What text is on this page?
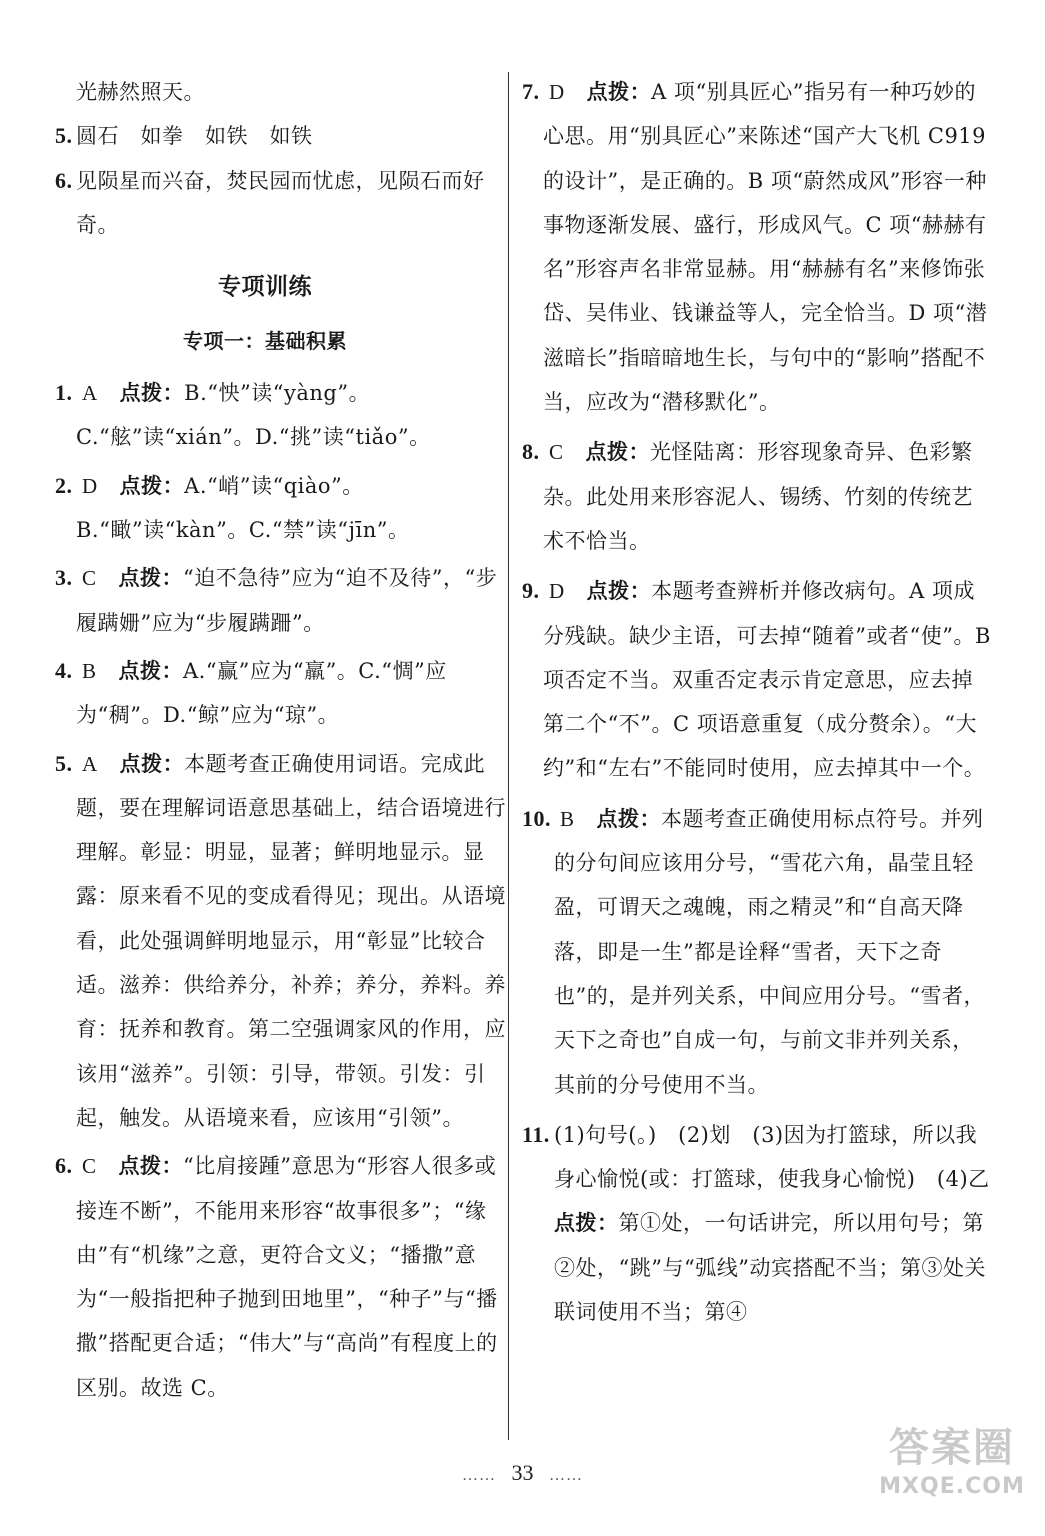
光赫然照天。
5. 圆石　如拳　如铁　如铁
6. 见陨星而兴奋，焚民园而忧虑，见陨石而好奇。
专项训练
专项一：基础积累
1. A 点拨：B.“怏”读“yàng”。C.“舷”读“xián”。D.“挑”读“tiǎo”。
2. D 点拨：A.“峭”读“qiào”。B.“瞰”读“kàn”。C.“禁”读“jīn”。
3. C 点拨：“迫不急待”应为“迫不及待”，“步履蹒姗”应为“步履蹒跚”。
4. B 点拨：A.“赢”应为“羸”。C.“惆”应为“稠”。D.“鲸”应为“琼”。
5. A 点拨：本题考查正确使用词语。完成此题，要在理解词语意思基础上，结合语境进行理解。彰显：明显，显著；鲜明地显示。显露：原来看不见的变成看得见；现出。从语境看，此处强调鲜明地显示，用“彰显”比较合适。滋养：供给养分，补养；养分，养料。养育：抚养和教育。第二空强调家风的作用，应该用“滋养”。引领：引导，带领。引发：引起，触发。从语境来看，应该用“引领”。
6. C 点拨：“比肩接踵”意思为“形容人很多或接连不断”，不能用来形容“故事很多”；“缘由”有“机缘”之意，更符合文义；“播撒”意为“一般指把种子抛到田地里”，“种子”与“播撒”搭配更合适；“伟大”与“高尚”有程度上的区别。故选 C。
7. D 点拨：A 项“别具匠心”指另有一种巧妙的心思。用“别具匠心”来陈述“国产大飞机 C919 的设计”，是正确的。B 项“蔚然成风”形容一种事物逐渐发展、盛行，形成风气。C 项“赫赫有名”形容声名非常显赫。用“赫赫有名”来修饰张岱、吴伟业、钱谦益等人，完全恰当。D 项“潜滋暗长”指暗暗地生长，与句中的“影响”搭配不当，应改为“潜移默化”。
8. C 点拨：光怪陆离：形容现象奇异、色彩繁杂。此处用来形容泥人、锡绣、竹刻的传统艺术不恰当。
9. D 点拨：本题考查辨析并修改病句。A 项成分残缺。缺少主语，可去掉“随着”或者“使”。B 项否定不当。双重否定表示肯定意思，应去掉第二个“不”。C 项语意重复（成分赘余）。“大约”和“左右”不能同时使用，应去掉其中一个。
10. B 点拨：本题考查正确使用标点符号。并列的分句间应该用分号，“雪花六角，晶莹且轻盈，可谓天之魂魄，雨之精灵”和“自高天降落，即是一生”都是诠释“雪者，天下之奇也”的，是并列关系，中间应用分号。“雪者，天下之奇也”自成一句，与前文非并列关系，其前的分号使用不当。
11. (1)句号(。)　(2)划　(3)因为打篮球，所以我身心愉悦(或：打篮球，使我身心愉悦)　(4)乙　点拨：第①处，一句话讲完，所以用句号；第②处，“跳”与“弧线”动宾搭配不当；第③处关联词使用不当；第④
…… 33 ……
答案圈
MXQE.COM
